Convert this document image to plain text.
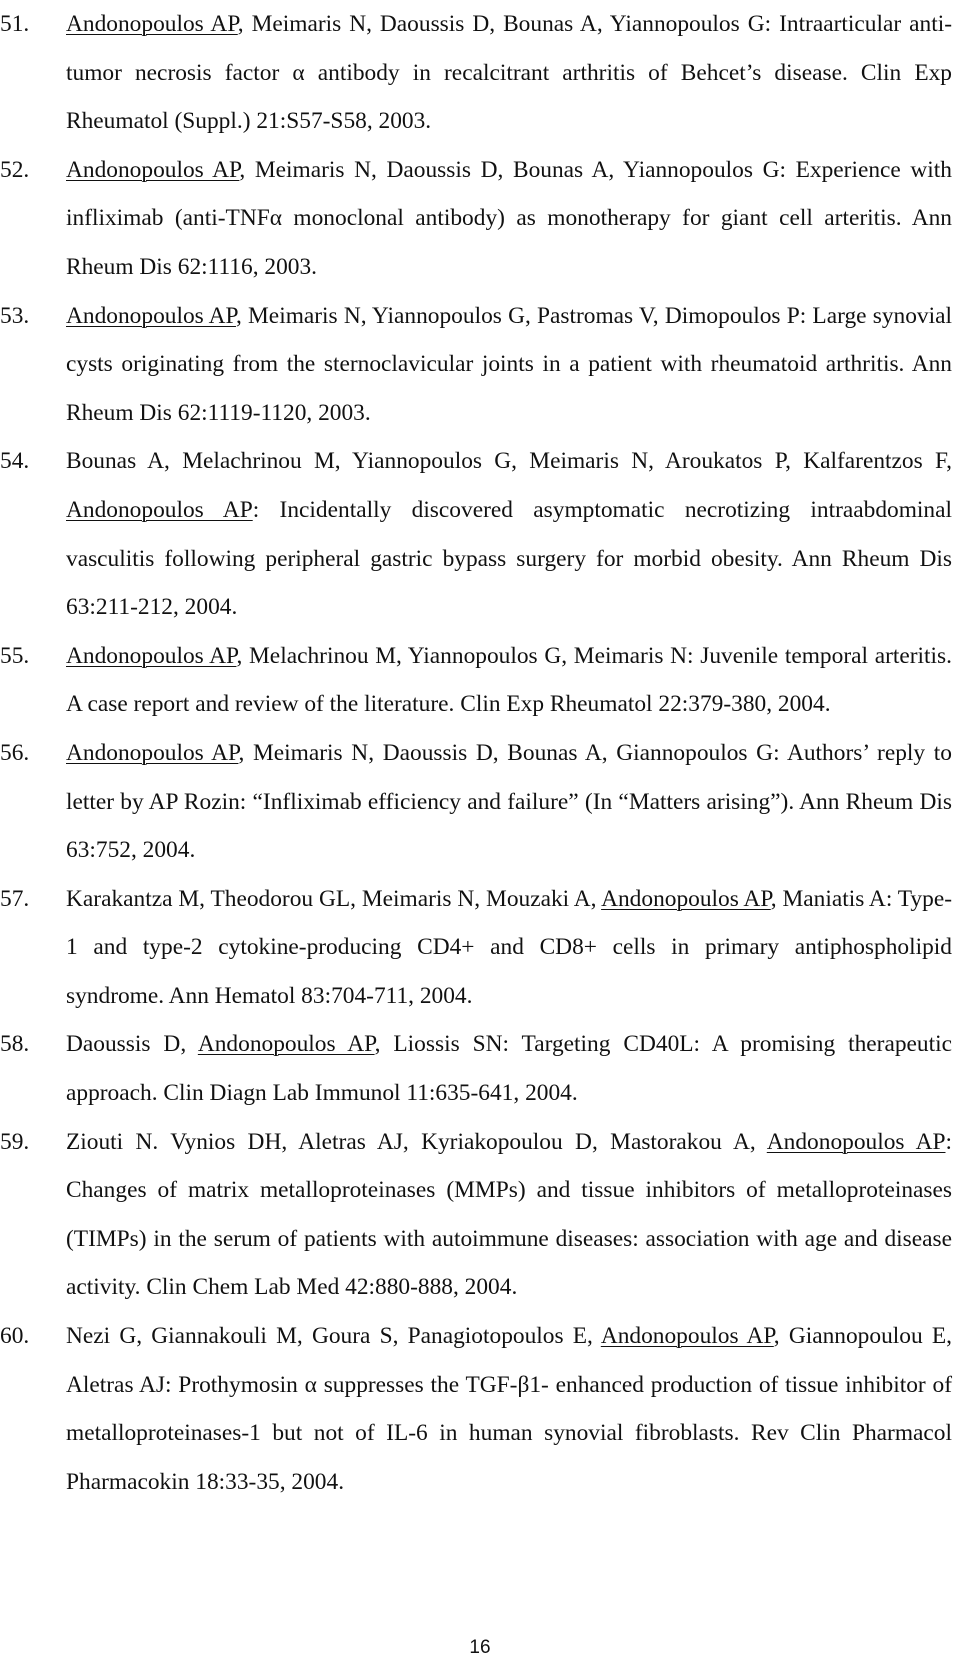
51. Andonopoulos AP, Meimaris N, Daoussis D, Bounas A, Yiannopoulos G: Intraarticular anti-tumor necrosis factor α antibody in recalcitrant arthritis of Behcet’s disease. Clin Exp Rheumatol (Suppl.) 21:S57-S58, 2003.
52. Andonopoulos AP, Meimaris N, Daoussis D, Bounas A, Yiannopoulos G: Experience with infliximab (anti-TNFα monoclonal antibody) as monotherapy for giant cell arteritis. Ann Rheum Dis 62:1116, 2003.
53. Andonopoulos AP, Meimaris N, Yiannopoulos G, Pastromas V, Dimopoulos P: Large synovial cysts originating from the sternoclavicular joints in a patient with rheumatoid arthritis. Ann Rheum Dis 62:1119-1120, 2003.
54. Bounas A, Melachrinou M, Yiannopoulos G, Meimaris N, Aroukatos P, Kalfarentzos F, Andonopoulos AP: Incidentally discovered asymptomatic necrotizing intraabdominal vasculitis following peripheral gastric bypass surgery for morbid obesity. Ann Rheum Dis 63:211-212, 2004.
55. Andonopoulos AP, Melachrinou M, Yiannopoulos G, Meimaris N: Juvenile temporal arteritis. A case report and review of the literature. Clin Exp Rheumatol 22:379-380, 2004.
56. Andonopoulos AP, Meimaris N, Daoussis D, Bounas A, Giannopoulos G: Authors’ reply to letter by AP Rozin: “Infliximab efficiency and failure” (In “Matters arising”). Ann Rheum Dis 63:752, 2004.
57. Karakantza M, Theodorou GL, Meimaris N, Mouzaki A, Andonopoulos AP, Maniatis A: Type-1 and type-2 cytokine-producing CD4+ and CD8+ cells in primary antiphospholipid syndrome. Ann Hematol 83:704-711, 2004.
58. Daoussis D, Andonopoulos AP, Liossis SN: Targeting CD40L: A promising therapeutic approach. Clin Diagn Lab Immunol 11:635-641, 2004.
59. Ziouti N. Vynios DH, Aletras AJ, Kyriakopoulou D, Mastorakou A, Andonopoulos AP: Changes of matrix metalloproteinases (MMPs) and tissue inhibitors of metalloproteinases (TIMPs) in the serum of patients with autoimmune diseases: association with age and disease activity. Clin Chem Lab Med 42:880-888, 2004.
60. Nezi G, Giannakouli M, Goura S, Panagiotopoulos E, Andonopoulos AP, Giannopoulou E, Aletras AJ: Prothymosin α suppresses the TGF-β1- enhanced production of tissue inhibitor of metalloproteinases-1 but not of IL-6 in human synovial fibroblasts. Rev Clin Pharmacol Pharmacokin 18:33-35, 2004.
16
